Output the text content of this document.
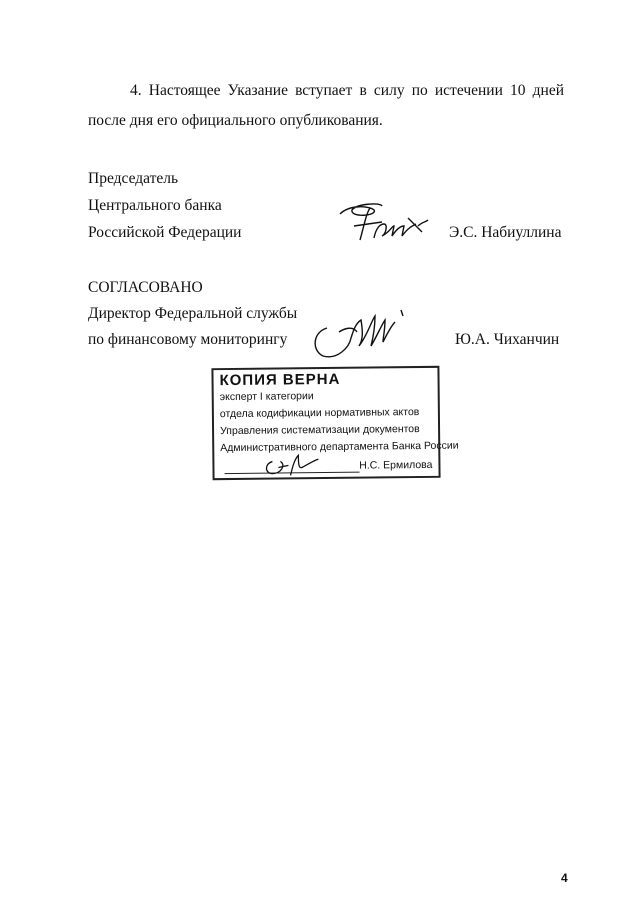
4. Настоящее Указание вступает в силу по истечении 10 дней после дня его официального опубликования.
Председатель
Центрального банка
Российской Федерации	Э.С. Набиуллина
СОГЛАСОВАНО
Директор Федеральной службы
по финансовому мониторингу	Ю.А. Чиханчин
КОПИЯ ВЕРНА
эксперт I категории
отдела кодификации нормативных актов
Управления систематизации документов
Административного департамента Банка России
Н.С. Ермилова
4
